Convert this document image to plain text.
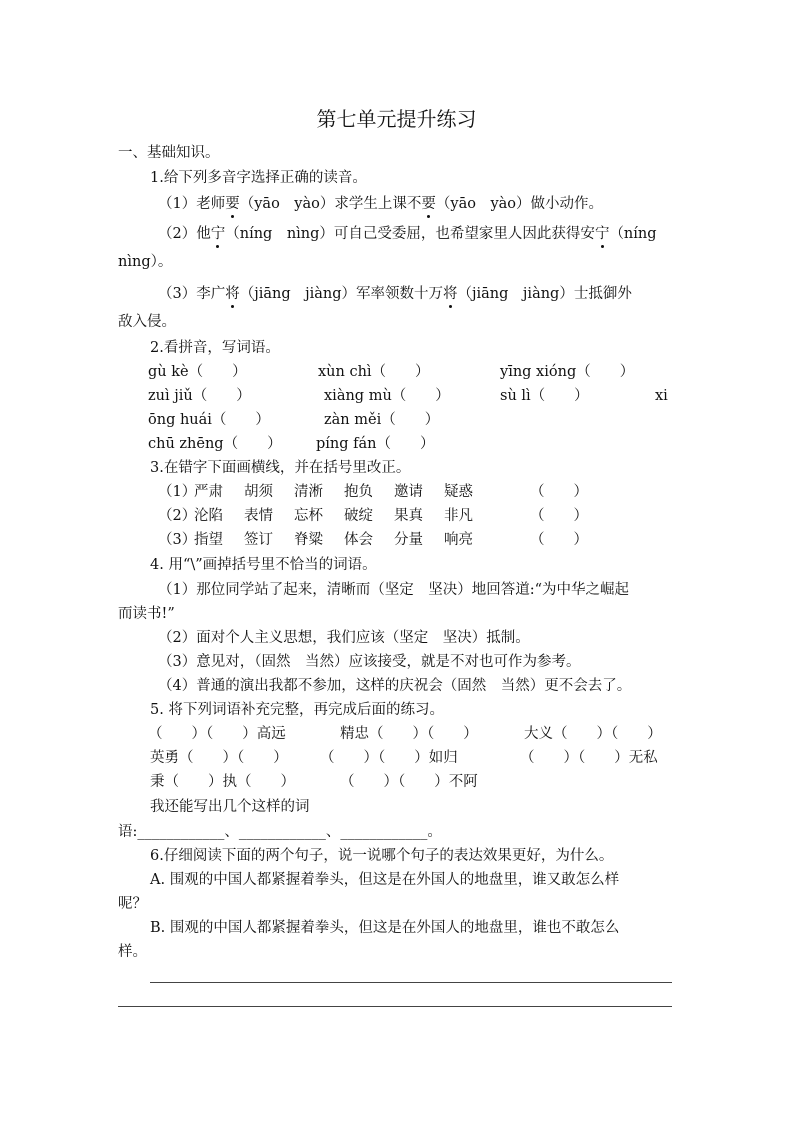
第七单元提升练习
一、基础知识。
1.给下列多音字选择正确的读音。
（1）老师要（yāo　yào）求学生上课不要（yāo　yào）做小动作。
（2）他宁（níng　nìng）可自己受委屈，也希望家里人因此获得安宁（níng
nìng）。
（3）李广将（jiāng　jiàng）军率领数十万将（jiāng　jiàng）士抵御外
敌入侵。
2.看拼音，写词语。
gù kè（　　）	xùn chì（　　）	yīng xióng（　　）
zuì jiǔ（　　）	xiàng mù（　　）	sù lì（　　）	xi
ōng huái（　　）	zàn měi（　　）
chū zhēng（　　） píng fán（　　）
3.在错字下面画横线，并在括号里改正。
（1）严肃 胡须 清淅 抱负 邀请 疑惑	（　　）
（2）沦陷 表情 忘杯 破绽 果真 非凡	（　　）
（3）指望 签订 脊粱 体会 分量 响亮	（　　）
4. 用“\”画掉括号里不恰当的词语。
（1）那位同学站了起来，清晰而（坚定　坚决）地回答道:“为中华之崛起
而读书!”
（2）面对个人主义思想，我们应该（坚定　坚决）抵制。
（3）意见对，（固然　当然）应该接受，就是不对也可作为参考。
（4）普通的演出我都不参加，这样的庆祝会（固然　当然）更不会去了。
5. 将下列词语补充完整，再完成后面的练习。
（　　）（　　）高远	精忠（　　）（　　）	大义（　　）（　　）
英勇（　　）（　　） （　　）（　　）如归	（　　）（　　）无私
秉（　　）执（　　）	（　　）（　　）不阿
我还能写出几个这样的词
语:____________、____________、____________。
6.仔细阅读下面的两个句子，说一说哪个句子的表达效果更好，为什么。
A. 围观的中国人都紧握着拳头，但这是在外国人的地盘里，谁又敢怎么样
呢？
B. 围观的中国人都紧握着拳头，但这是在外国人的地盘里，谁也不敢怎么
样。
